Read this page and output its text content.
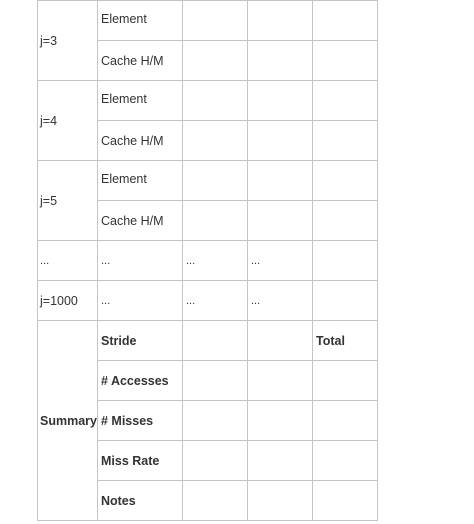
j=3	Element			
	Cache H/M			
j=4	Element			
	Cache H/M			
j=5	Element			
	Cache H/M			
...	...	...	...	
j=1000	...	...	...	
Summary	Stride			Total
	# Accesses			
	# Misses			
	Miss Rate			
	Notes			
